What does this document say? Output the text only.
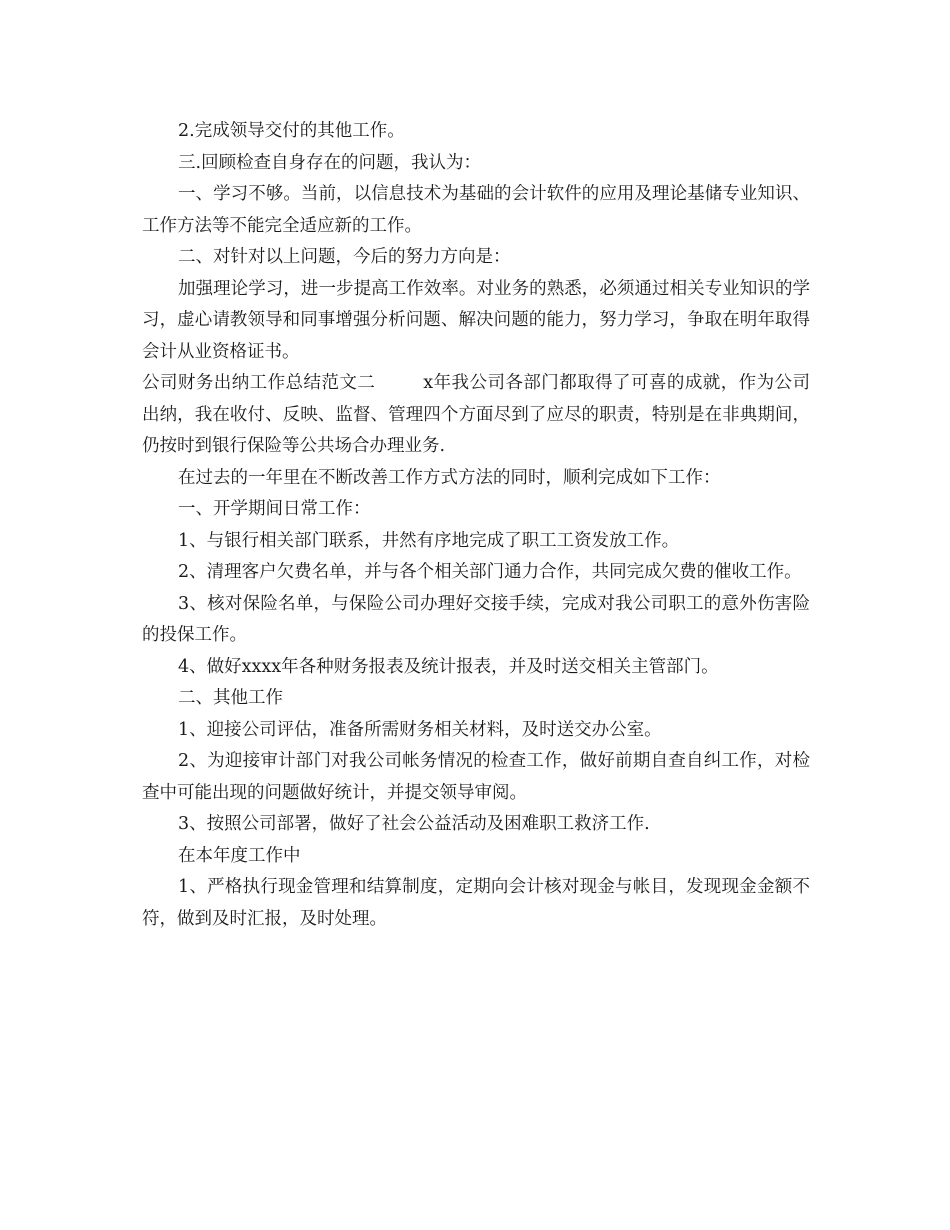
2.完成领导交付的其他工作。

三.回顾检查自身存在的问题，我认为：

一、学习不够。当前，以信息技术为基础的会计软件的应用及理论基储专业知识、工作方法等不能完全适应新的工作。

二、对针对以上问题，今后的努力方向是：

加强理论学习，进一步提高工作效率。对业务的熟悉，必须通过相关专业知识的学习，虚心请教领导和同事增强分析问题、解决问题的能力，努力学习，争取在明年取得会计从业资格证书。

公司财务出纳工作总结范文二	x年我公司各部门都取得了可喜的成就，作为公司出纳，我在收付、反映、监督、管理四个方面尽到了应尽的职责，特别是在非典期间，仍按时到银行保险等公共场合办理业务.

在过去的一年里在不断改善工作方式方法的同时，顺利完成如下工作：

一、开学期间日常工作：

1、与银行相关部门联系，井然有序地完成了职工工资发放工作。

2、清理客户欠费名单，并与各个相关部门通力合作，共同完成欠费的催收工作。

3、核对保险名单，与保险公司办理好交接手续，完成对我公司职工的意外伤害险的投保工作。

4、做好xxxx年各种财务报表及统计报表，并及时送交相关主管部门。

二、其他工作

1、迎接公司评估，准备所需财务相关材料，及时送交办公室。

2、为迎接审计部门对我公司帐务情况的检查工作，做好前期自查自纠工作，对检查中可能出现的问题做好统计，并提交领导审阅。

3、按照公司部署，做好了社会公益活动及困难职工救济工作.

在本年度工作中

1、严格执行现金管理和结算制度，定期向会计核对现金与帐目，发现现金金额不符，做到及时汇报，及时处理。
